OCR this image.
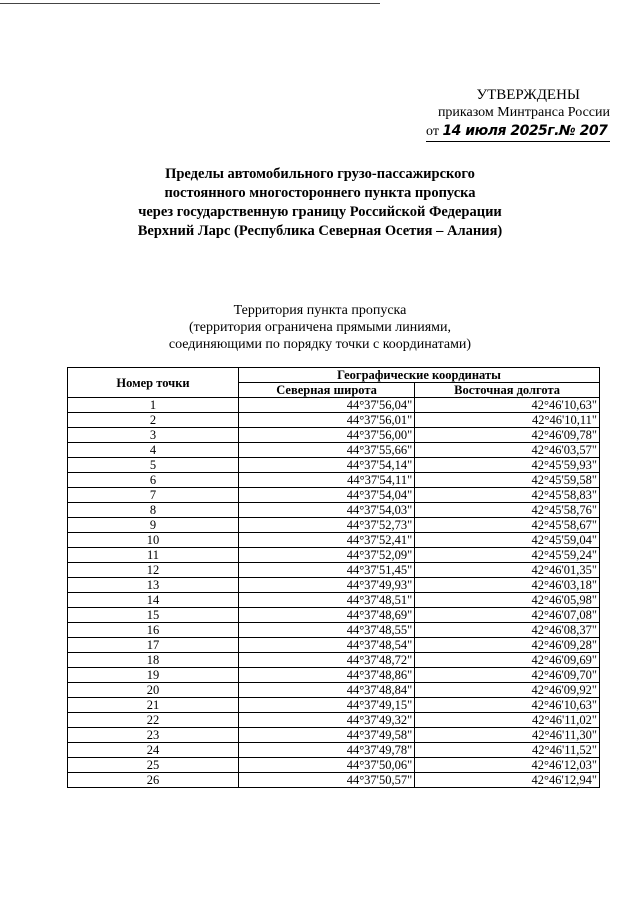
УТВЕРЖДЕНЫ
приказом Минтранса России
от 14 июля 2025г.№ 207
Пределы автомобильного грузо-пассажирского
постоянного многостороннего пункта пропуска
через государственную границу Российской Федерации
Верхний Ларс (Республика Северная Осетия – Алания)
Территория пункта пропуска
(территория ограничена прямыми линиями,
соединяющими по порядку точки с координатами)
Номер точки	Географические координаты	
	Северная широта	Восточная долгота
1	44°37'56,04"	42°46'10,63"
2	44°37'56,01"	42°46'10,11"
3	44°37'56,00"	42°46'09,78"
4	44°37'55,66"	42°46'03,57"
5	44°37'54,14"	42°45'59,93"
6	44°37'54,11"	42°45'59,58"
7	44°37'54,04"	42°45'58,83"
8	44°37'54,03"	42°45'58,76"
9	44°37'52,73"	42°45'58,67"
10	44°37'52,41"	42°45'59,04"
11	44°37'52,09"	42°45'59,24"
12	44°37'51,45"	42°46'01,35"
13	44°37'49,93"	42°46'03,18"
14	44°37'48,51"	42°46'05,98"
15	44°37'48,69"	42°46'07,08"
16	44°37'48,55"	42°46'08,37"
17	44°37'48,54"	42°46'09,28"
18	44°37'48,72"	42°46'09,69"
19	44°37'48,86"	42°46'09,70"
20	44°37'48,84"	42°46'09,92"
21	44°37'49,15"	42°46'10,63"
22	44°37'49,32"	42°46'11,02"
23	44°37'49,58"	42°46'11,30"
24	44°37'49,78"	42°46'11,52"
25	44°37'50,06"	42°46'12,03"
26	44°37'50,57"	42°46'12,94"
